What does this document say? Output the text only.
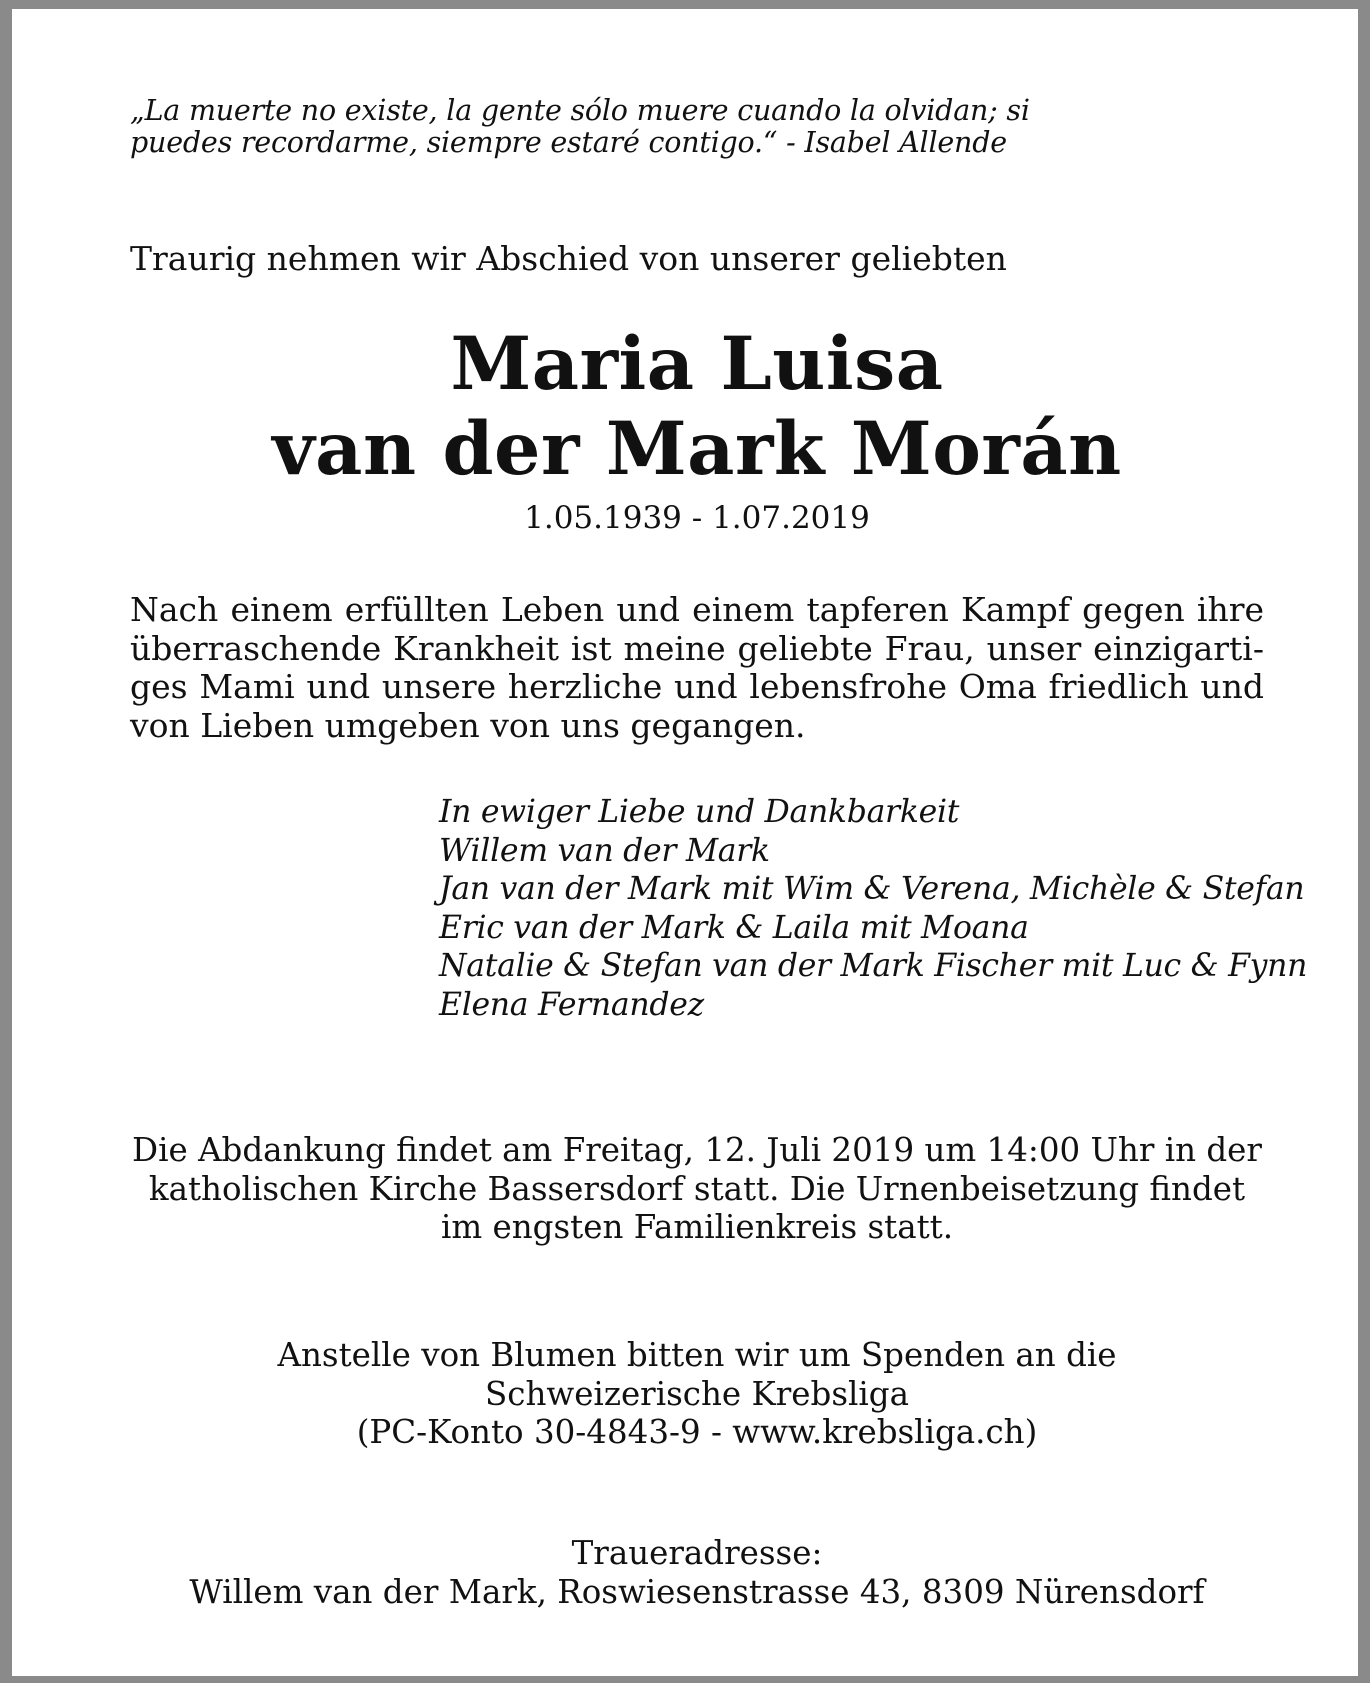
„La muerte no existe, la gente sólo muere cuando la olvidan; si
puedes recordarme, siempre estaré contigo.“ - Isabel Allende
Traurig nehmen wir Abschied von unserer geliebten
Maria Luisa
van der Mark Morán
1.05.1939 - 1.07.2019
Nach einem erfüllten Leben und einem tapferen Kampf gegen ihre
überraschende Krankheit ist meine geliebte Frau, unser einzigarti-
ges Mami und unsere herzliche und lebensfrohe Oma friedlich und
von Lieben umgeben von uns gegangen.
In ewiger Liebe und Dankbarkeit
Willem van der Mark
Jan van der Mark mit Wim & Verena, Michèle & Stefan
Eric van der Mark & Laila mit Moana
Natalie & Stefan van der Mark Fischer mit Luc & Fynn
Elena Fernandez
Die Abdankung findet am Freitag, 12. Juli 2019 um 14:00 Uhr in der
katholischen Kirche Bassersdorf statt. Die Urnenbeisetzung findet
im engsten Familienkreis statt.
Anstelle von Blumen bitten wir um Spenden an die
Schweizerische Krebsliga
(PC-Konto 30-4843-9 - www.krebsliga.ch)
Traueradresse:
Willem van der Mark, Roswiesenstrasse 43, 8309 Nürensdorf
